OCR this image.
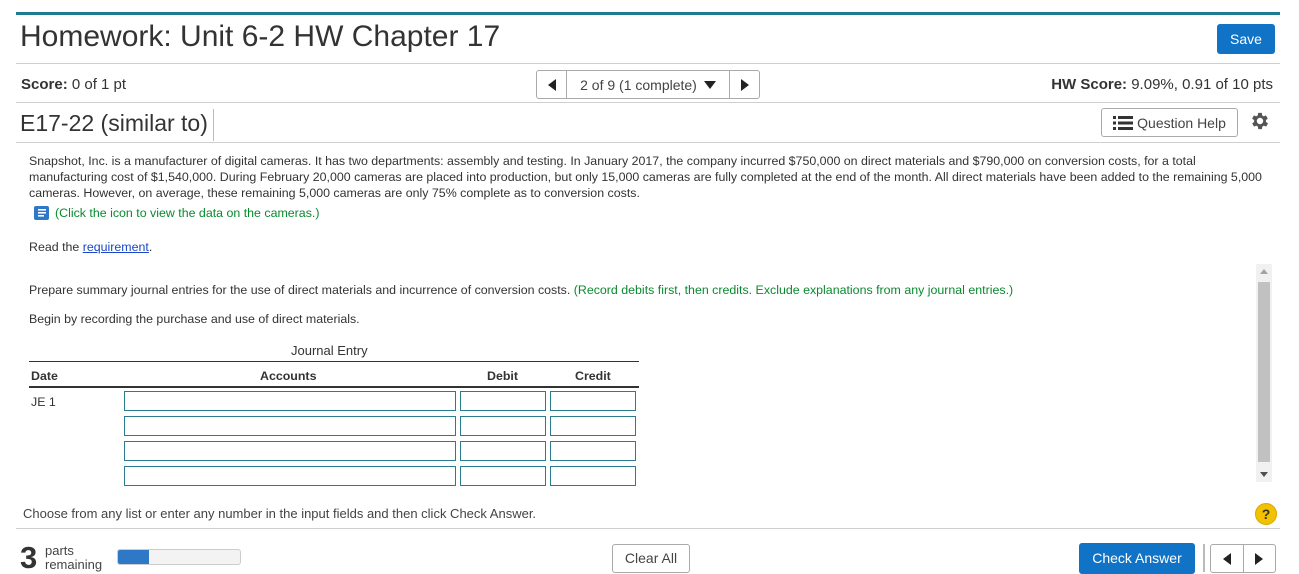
Homework: Unit 6-2 HW Chapter 17	Save
Score: 0 of 1 pt	2 of 9 (1 complete)	HW Score: 9.09%, 0.91 of 10 pts
E17-22 (similar to)	Question Help
Snapshot, Inc. is a manufacturer of digital cameras. It has two departments: assembly and testing. In January 2017, the company incurred $750,000 on direct materials and $790,000 on conversion costs, for a total manufacturing cost of $1,540,000. During February 20,000 cameras are placed into production, but only 15,000 cameras are fully completed at the end of the month. All direct materials have been added to the remaining 5,000 cameras. However, on average, these remaining 5,000 cameras are only 75% complete as to conversion costs.
(Click the icon to view the data on the cameras.)
Read the requirement.
Prepare summary journal entries for the use of direct materials and incurrence of conversion costs. (Record debits first, then credits. Exclude explanations from any journal entries.)
Begin by recording the purchase and use of direct materials.
Journal Entry
Date	Accounts	Debit	Credit
JE 1
Choose from any list or enter any number in the input fields and then click Check Answer.	?
3 parts
remaining	Clear All	Check Answer
